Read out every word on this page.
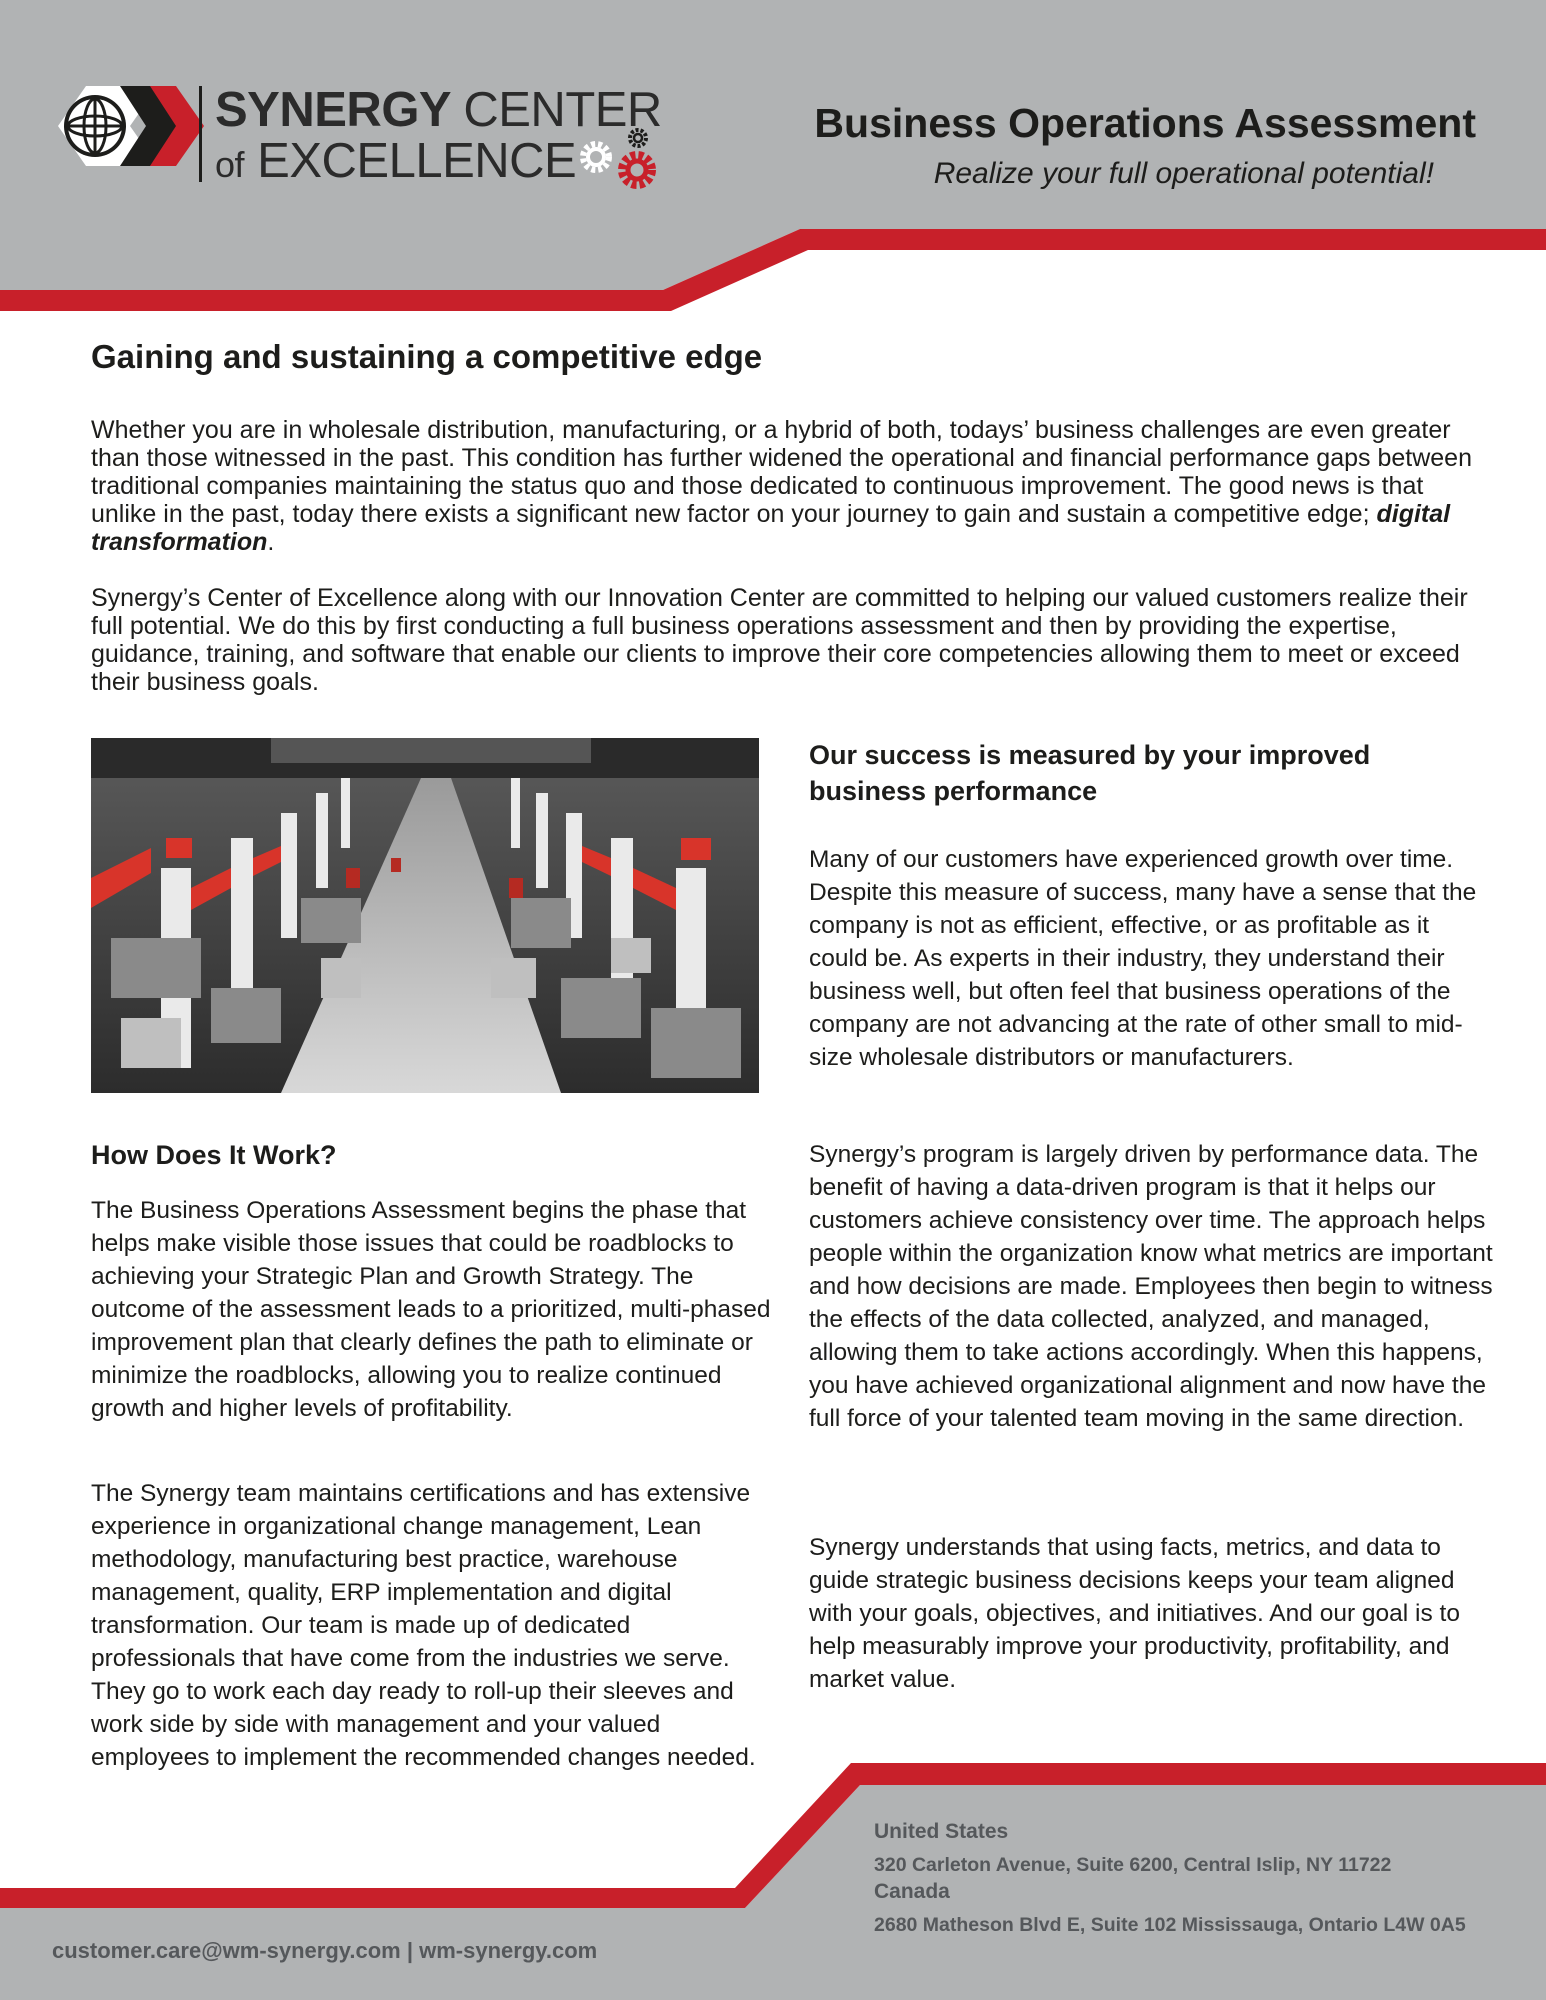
SYNERGY CENTER
of EXCELLENCE
Business Operations Assessment
Realize your full operational potential!
Gaining and sustaining a competitive edge

Whether you are in wholesale distribution, manufacturing, or a hybrid of both, todays’ business challenges are even greater than those witnessed in the past. This condition has further widened the operational and financial performance gaps between traditional companies maintaining the status quo and those dedicated to continuous improvement. The good news is that unlike in the past, today there exists a significant new factor on your journey to gain and sustain a competitive edge; digital transformation.

Synergy’s Center of Excellence along with our Innovation Center are committed to helping our valued customers realize their full potential. We do this by first conducting a full business operations assessment and then by providing the expertise, guidance, training, and software that enable our clients to improve their core competencies allowing them to meet or exceed their business goals.

How Does It Work?

The Business Operations Assessment begins the phase that helps make visible those issues that could be roadblocks to achieving your Strategic Plan and Growth Strategy. The outcome of the assessment leads to a prioritized, multi-phased improvement plan that clearly defines the path to eliminate or minimize the roadblocks, allowing you to realize continued growth and higher levels of profitability.

The Synergy team maintains certifications and has extensive experience in organizational change management, Lean methodology, manufacturing best practice, warehouse management, quality, ERP implementation and digital transformation. Our team is made up of dedicated professionals that have come from the industries we serve. They go to work each day ready to roll-up their sleeves and work side by side with management and your valued employees to implement the recommended changes needed.

Our success is measured by your improved business performance

Many of our customers have experienced growth over time. Despite this measure of success, many have a sense that the company is not as efficient, effective, or as profitable as it could be. As experts in their industry, they understand their business well, but often feel that business operations of the company are not advancing at the rate of other small to mid-size wholesale distributors or manufacturers.

Synergy’s program is largely driven by performance data. The benefit of having a data-driven program is that it helps our customers achieve consistency over time. The approach helps people within the organization know what metrics are important and how decisions are made. Employees then begin to witness the effects of the data collected, analyzed, and managed, allowing them to take actions accordingly. When this happens, you have achieved organizational alignment and now have the full force of your talented team moving in the same direction.

Synergy understands that using facts, metrics, and data to guide strategic business decisions keeps your team aligned with your goals, objectives, and initiatives. And our goal is to help measurably improve your productivity, profitability, and market value.

United States
320 Carleton Avenue, Suite 6200, Central Islip, NY 11722
Canada
2680 Matheson Blvd E, Suite 102 Mississauga, Ontario L4W 0A5
customer.care@wm-synergy.com | wm-synergy.com
